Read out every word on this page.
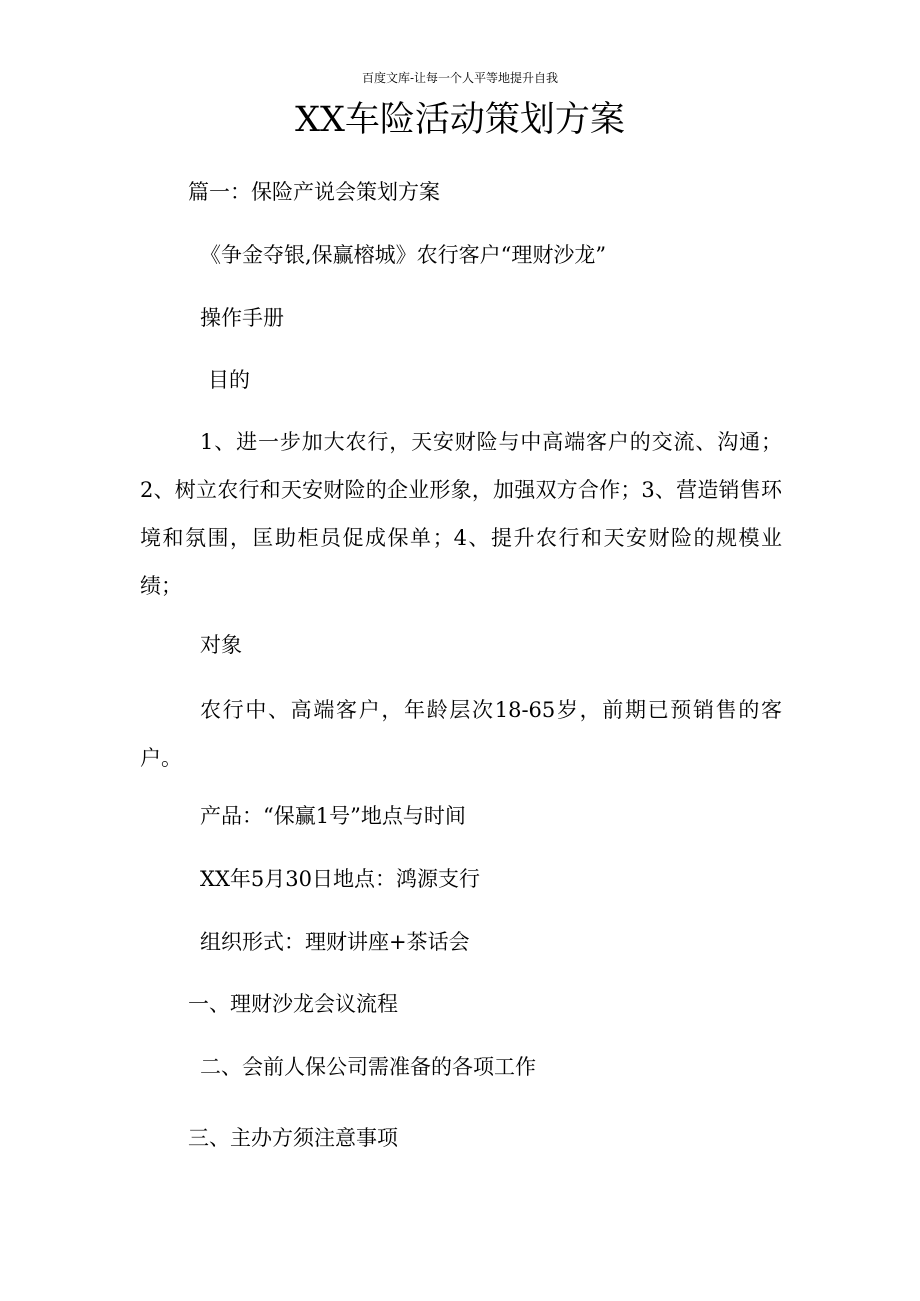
百度文库-让每一个人平等地提升自我
XX车险活动策划方案
篇一：保险产说会策划方案
《争金夺银,保赢榕城》农行客户“理财沙龙”
操作手册
目的

1、进一步加大农行，天安财险与中高端客户的交流、沟通；2、树立农行和天安财险的企业形象，加强双方合作；3、营造销售环境和氛围，匡助柜员促成保单；4、提升农行和天安财险的规模业绩；

对象

农行中、高端客户，年龄层次18-65岁，前期已预销售的客户。

产品：“保赢1号”地点与时间
XX年5月30日地点：鸿源支行
组织形式：理财讲座+茶话会
一、理财沙龙会议流程
二、会前人保公司需准备的各项工作
三、主办方须注意事项
